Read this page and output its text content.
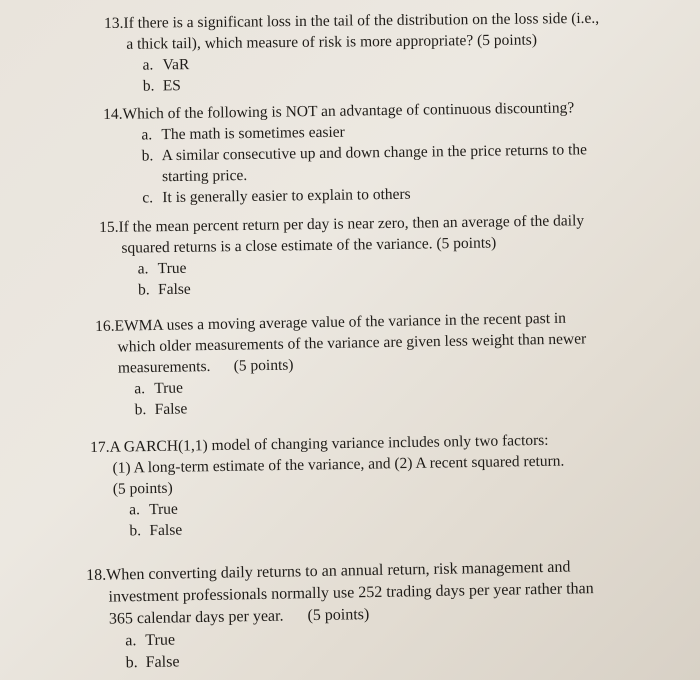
13.If there is a significant loss in the tail of the distribution on the loss side (i.e.,
a thick tail), which measure of risk is more appropriate? (5 points)
a. VaR
b. ES
14.Which of the following is NOT an advantage of continuous discounting?
a. The math is sometimes easier
b. A similar consecutive up and down change in the price returns to the
starting price.
c. It is generally easier to explain to others
15.If the mean percent return per day is near zero, then an average of the daily
squared returns is a close estimate of the variance. (5 points)
a. True
b. False
16.EWMA uses a moving average value of the variance in the recent past in
which older measurements of the variance are given less weight than newer
measurements.      (5 points)
a. True
b. False
17.A GARCH(1,1) model of changing variance includes only two factors:
(1) A long-term estimate of the variance, and (2) A recent squared return.
(5 points)
a. True
b. False
18.When converting daily returns to an annual return, risk management and
investment professionals normally use 252 trading days per year rather than
365 calendar days per year.      (5 points)
a. True
b. False
